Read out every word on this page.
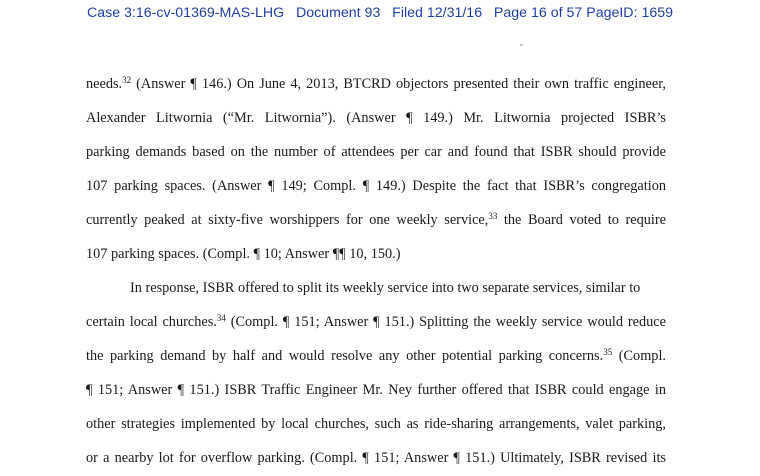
Case 3:16-cv-01369-MAS-LHG Document 93 Filed 12/31/16 Page 16 of 57 PageID: 1659
needs.$^{32}$ (Answer ¶ 146.) On June 4, 2013, BTCRD objectors presented their own traffic engineer,
Alexander Litwornia (“Mr. Litwornia”). (Answer ¶ 149.) Mr. Litwornia projected ISBR’s
parking demands based on the number of attendees per car and found that ISBR should provide
107 parking spaces. (Answer ¶ 149; Compl. ¶ 149.) Despite the fact that ISBR’s congregation
currently peaked at sixty-five worshippers for one weekly service,$^{33}$ the Board voted to require
107 parking spaces. (Compl. ¶ 10; Answer ¶¶ 10, 150.)
In response, ISBR offered to split its weekly service into two separate services, similar to
certain local churches.$^{34}$ (Compl. ¶ 151; Answer ¶ 151.) Splitting the weekly service would reduce
the parking demand by half and would resolve any other potential parking concerns.$^{35}$ (Compl.
¶ 151; Answer ¶ 151.) ISBR Traffic Engineer Mr. Ney further offered that ISBR could engage in
other strategies implemented by local churches, such as ride-sharing arrangements, valet parking,
or a nearby lot for overflow parking. (Compl. ¶ 151; Answer ¶ 151.) Ultimately, ISBR revised its
